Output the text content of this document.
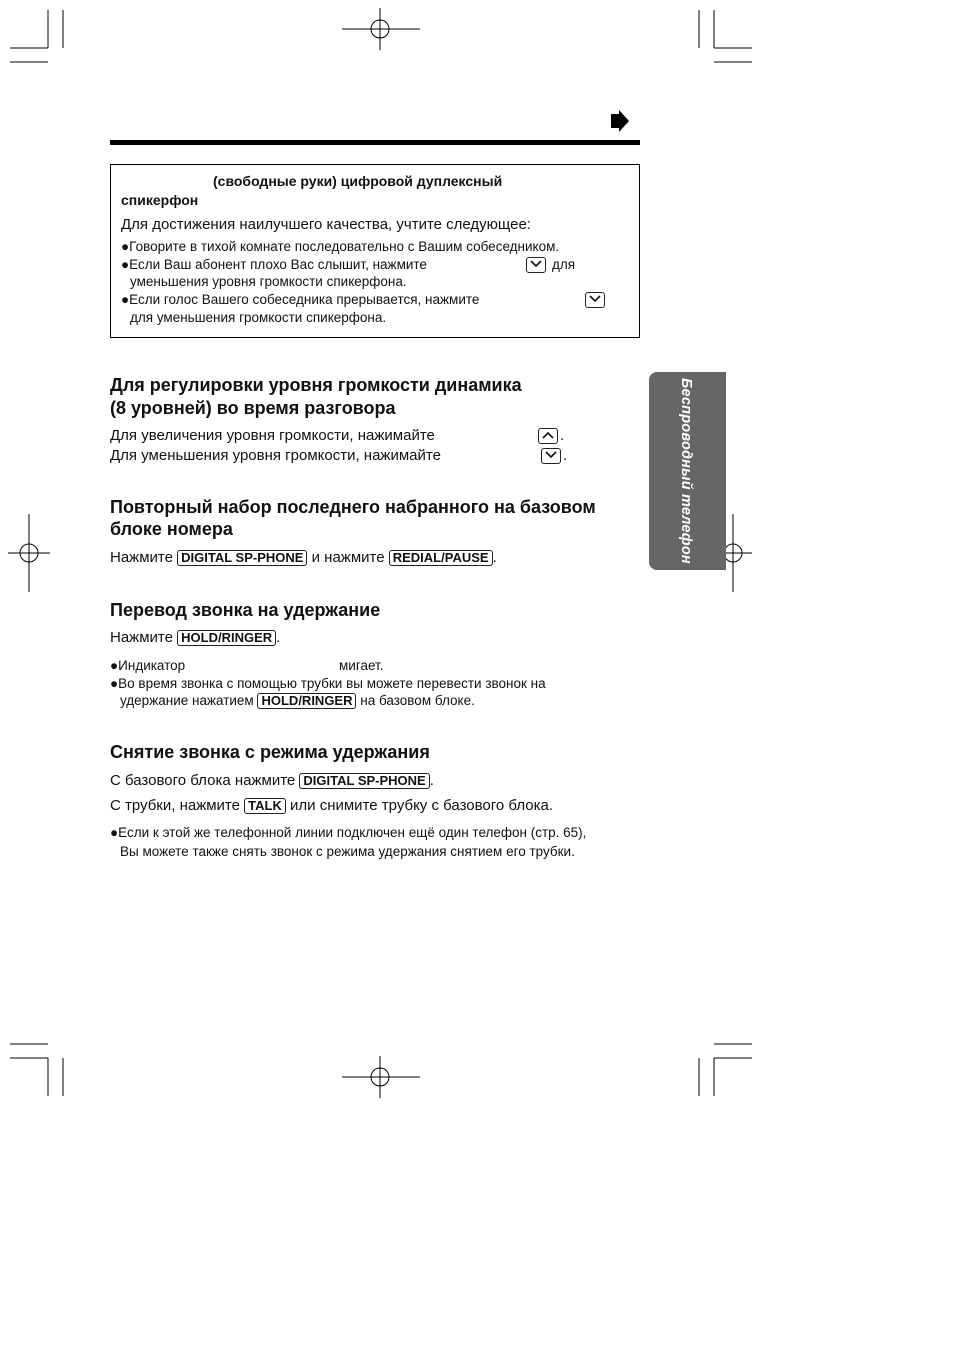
(свободные руки) цифровой дуплексный
спикерфон
Для достижения наилучшего качества, учтите следующее:
●Говорите в тихой комнате последовательно с Вашим собеседником.
●Если Ваш абонент плохо Вас слышит, нажмите	для
уменьшения уровня громкости спикерфона.
●Если голос Вашего собеседника прерывается, нажмите
для уменьшения громкости спикерфона.
Беспроводный телефон
Для регулировки уровня громкости динамика
(8 уровней) во время разговора
Для увеличения уровня громкости, нажимайте	.
Для уменьшения уровня громкости, нажимайте	.
Повторный набор последнего набранного на базовом
блоке номера
Нажмите DIGITAL SP-PHONE и нажмите REDIAL/PAUSE .
Перевод звонка на удержание
Нажмите HOLD/RINGER .
●Индикатор	мигает.
●Во время звонка с помощью трубки вы можете перевести звонок на
удержание нажатием HOLD/RINGER на базовом блоке.
Снятие звонка с режима удержания
С базового блока нажмите DIGITAL SP-PHONE .
С трубки, нажмите TALK или снимите трубку с базового блока.
●Если к этой же телефонной линии подключен ещё один телефон (стр. 65),
Вы можете также снять звонок с режима удержания снятием его трубки.
